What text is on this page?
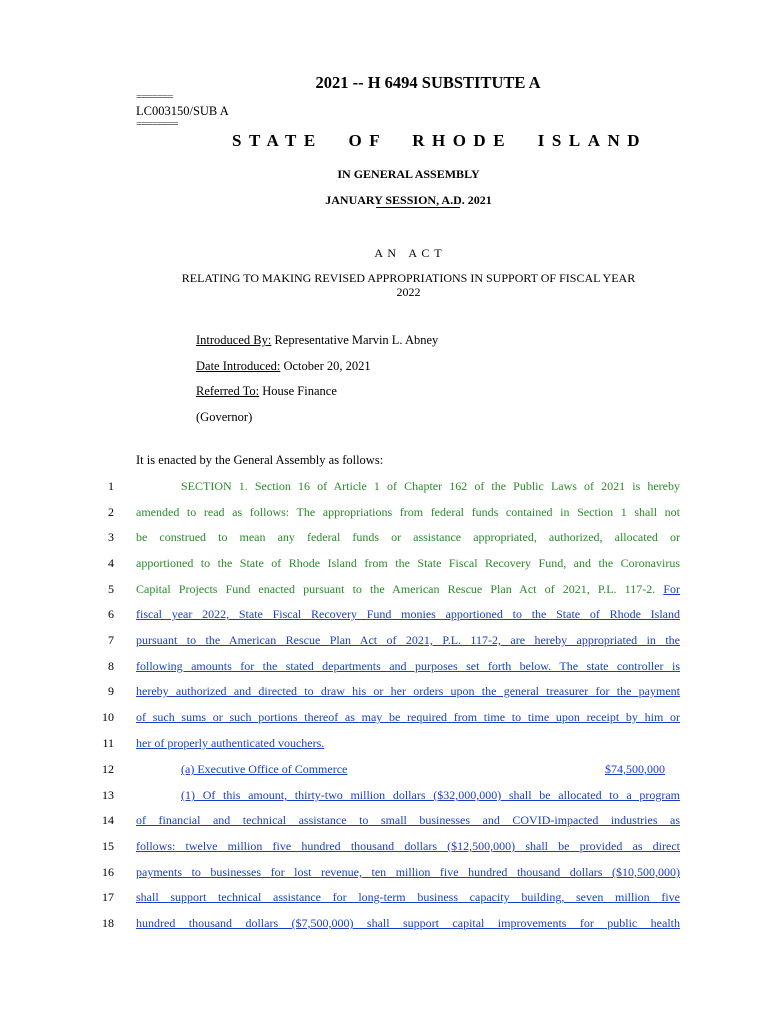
2021 -- H 6494 SUBSTITUTE A
=======
LC003150/SUB A
========
STATE OF RHODE ISLAND
IN GENERAL ASSEMBLY
JANUARY SESSION, A.D. 2021
A N   A C T
RELATING TO MAKING REVISED APPROPRIATIONS IN SUPPORT OF FISCAL YEAR
2022
Introduced By: Representative Marvin L. Abney
Date Introduced: October 20, 2021
Referred To: House Finance
(Governor)
It is enacted by the General Assembly as follows:
1	SECTION 1. Section 16 of Article 1 of Chapter 162 of the Public Laws of 2021 is hereby
2 amended to read as follows: The appropriations from federal funds contained in Section 1 shall not
3 be construed to mean any federal funds or assistance appropriated, authorized, allocated or
4 apportioned to the State of Rhode Island from the State Fiscal Recovery Fund, and the Coronavirus
5 Capital Projects Fund enacted pursuant to the American Rescue Plan Act of 2021, P.L. 117-2. For
6 fiscal year 2022, State Fiscal Recovery Fund monies apportioned to the State of Rhode Island
7 pursuant to the American Rescue Plan Act of 2021, P.L. 117-2, are hereby appropriated in the
8 following amounts for the stated departments and purposes set forth below. The state controller is
9 hereby authorized and directed to draw his or her orders upon the general treasurer for the payment
10 of such sums or such portions thereof as may be required from time to time upon receipt by him or
11 her of properly authenticated vouchers.
12	(a) Executive Office of Commerce	$74,500,000
13	(1) Of this amount, thirty-two million dollars ($32,000,000) shall be allocated to a program
14 of financial and technical assistance to small businesses and COVID-impacted industries as
15 follows: twelve million five hundred thousand dollars ($12,500,000) shall be provided as direct
16 payments to businesses for lost revenue, ten million five hundred thousand dollars ($10,500,000)
17 shall support technical assistance for long-term business capacity building, seven million five
18 hundred thousand dollars ($7,500,000) shall support capital improvements for public health
